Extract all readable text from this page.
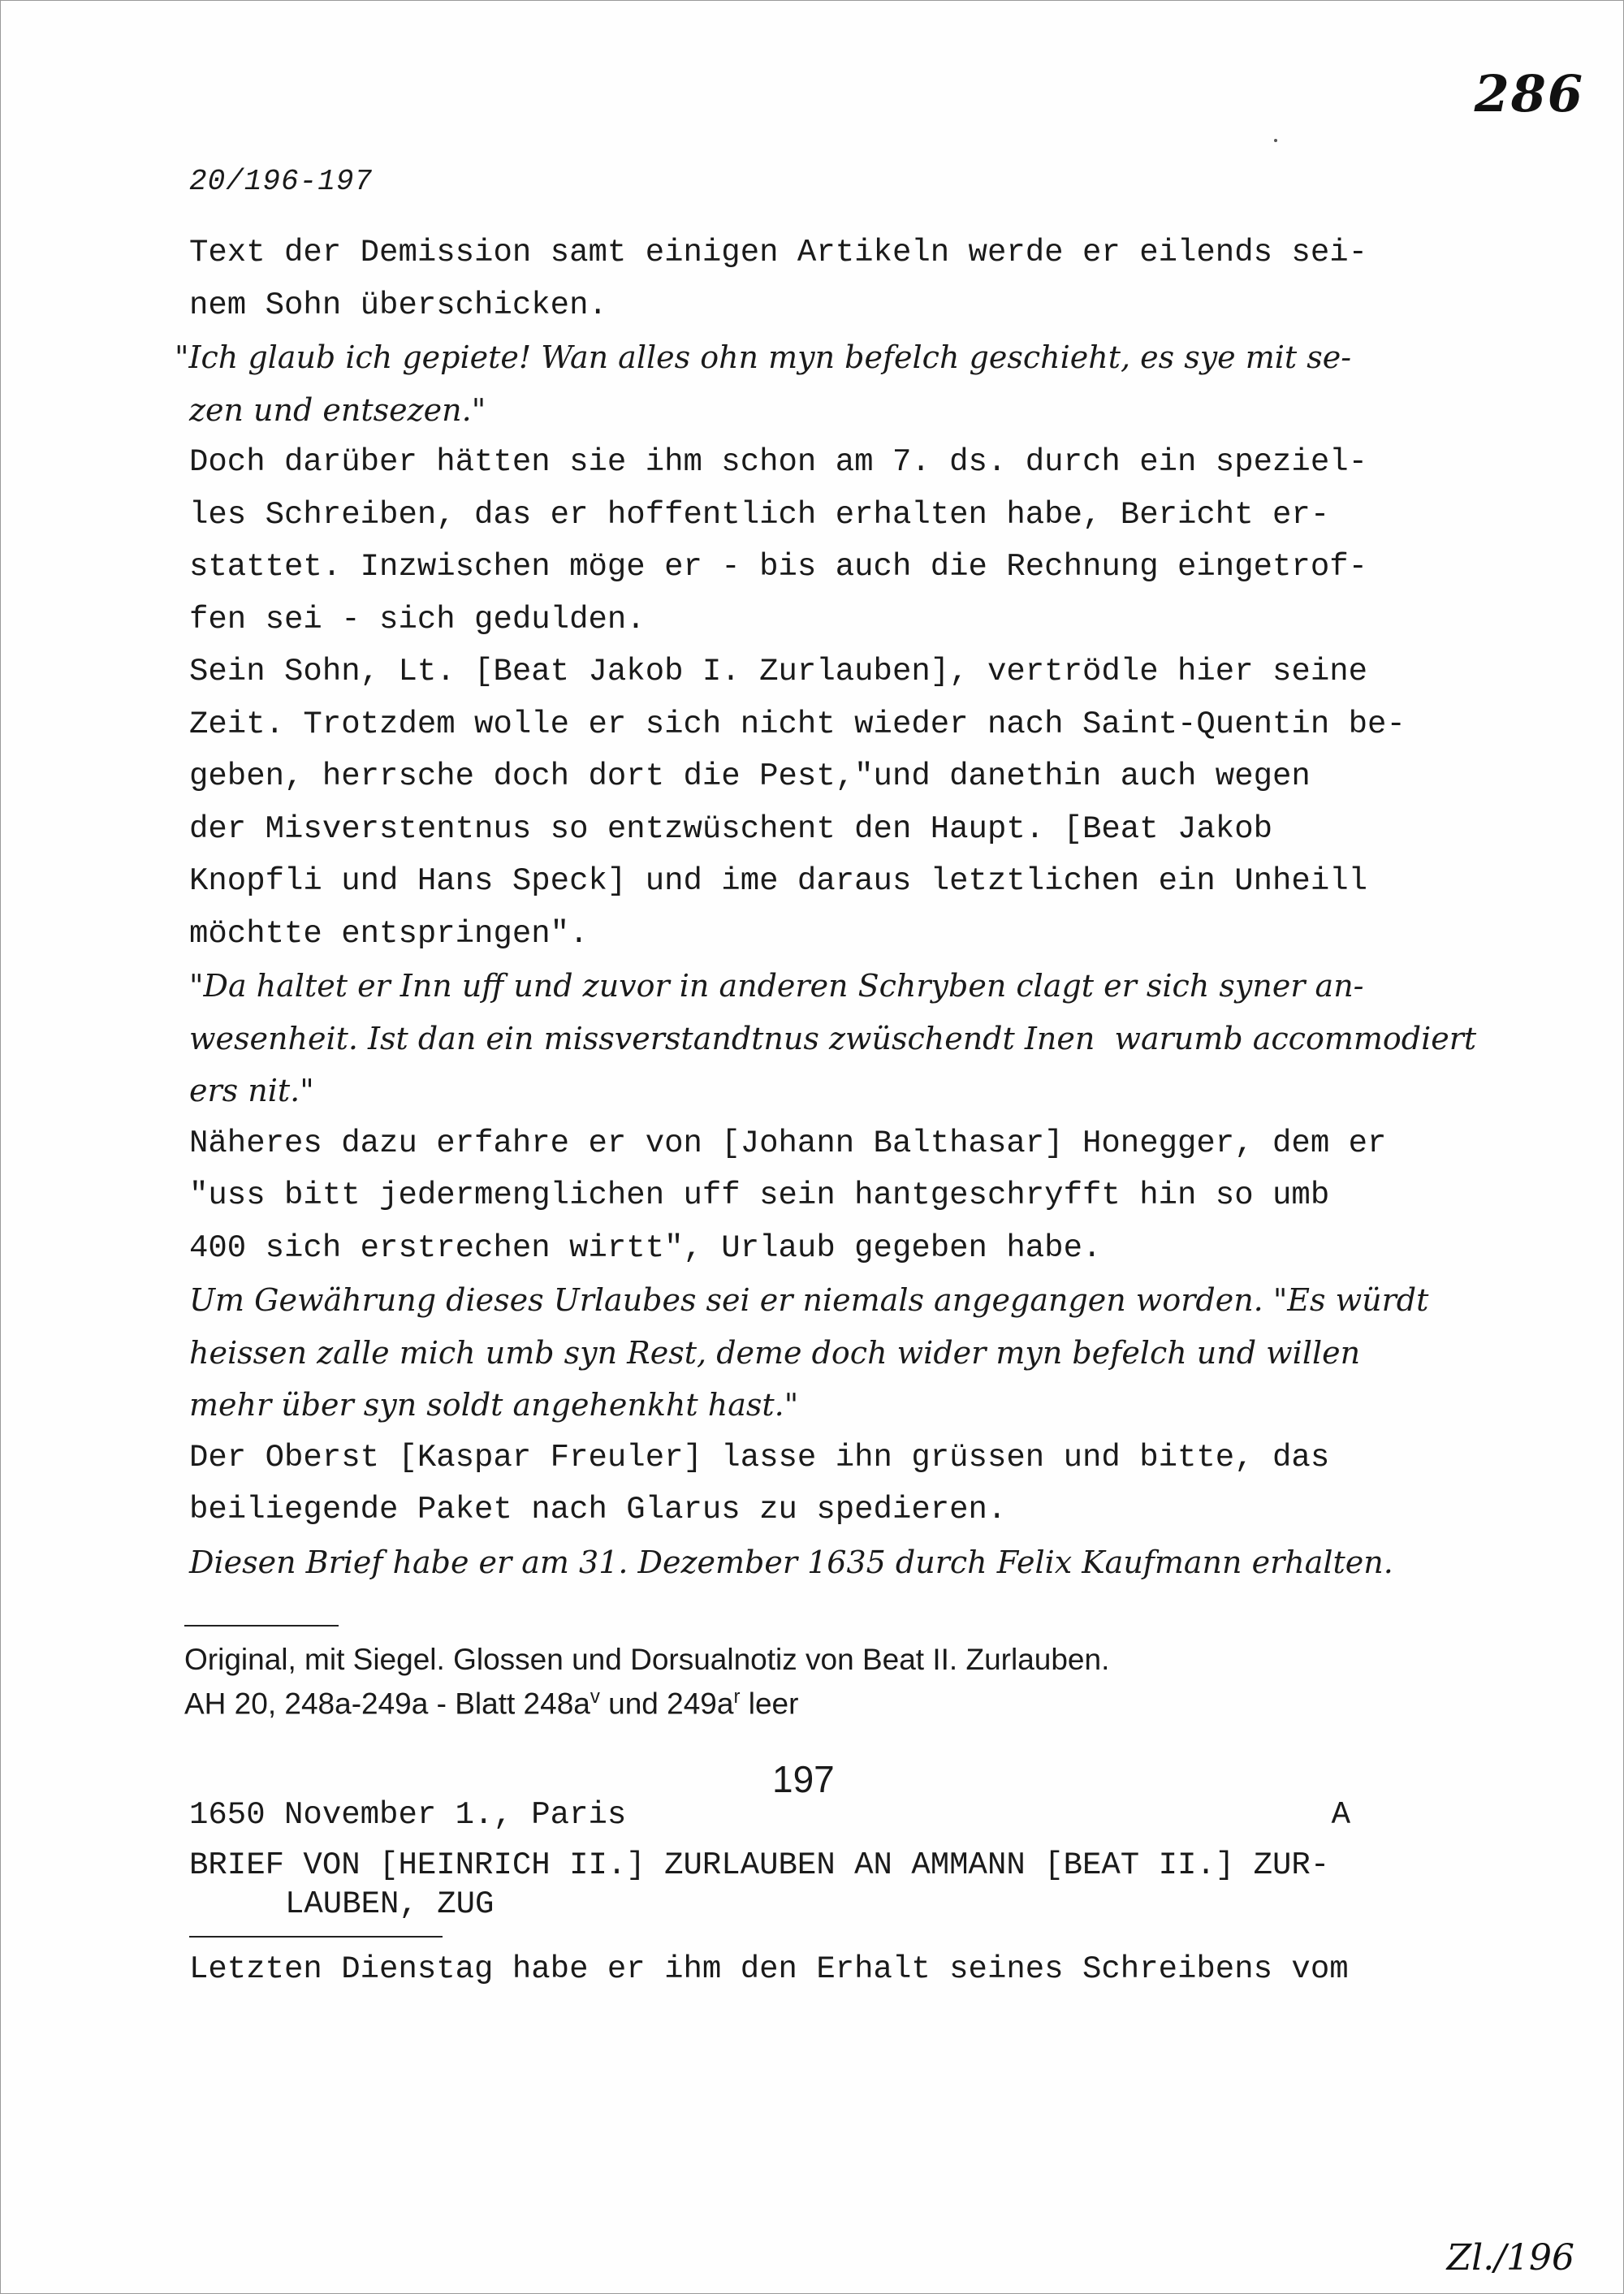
286
20/196-197
Text der Demission samt einigen Artikeln werde er eilends sei-
nem Sohn überschicken.
"Ich glaub ich gepiete! Wan alles ohn myn befelch geschieht, es sye mit se-
zen und entsezen."
Doch darüber hätten sie ihm schon am 7. ds. durch ein speziel-
les Schreiben, das er hoffentlich erhalten habe, Bericht er-
stattet. Inzwischen möge er - bis auch die Rechnung eingetrof-
fen sei - sich gedulden.
Sein Sohn, Lt. [Beat Jakob I. Zurlauben], vertrödle hier seine
Zeit. Trotzdem wolle er sich nicht wieder nach Saint-Quentin be-
geben, herrsche doch dort die Pest,"und danethin auch wegen
der Misverstentnus so entzwüschent den Haupt. [Beat Jakob
Knopfli und Hans Speck] und ime daraus letztlichen ein Unheill
möchtte entspringen".
"Da haltet er Inn uff und zuvor in anderen Schryben clagt er sich syner an-
wesenheit. Ist dan ein missverstandtnus zwüschendt Inen  warumb accommodiert
ers nit."
Näheres dazu erfahre er von [Johann Balthasar] Honegger, dem er
"uss bitt jedermenglichen uff sein hantgeschryfft hin so umb
400 sich erstrechen wirtt", Urlaub gegeben habe.
Um Gewährung dieses Urlaubes sei er niemals angegangen worden. "Es würdt
heissen zalle mich umb syn Rest, deme doch wider myn befelch und willen
mehr über syn soldt angehenkht hast."
Der Oberst [Kaspar Freuler] lasse ihn grüssen und bitte, das
beiliegende Paket nach Glarus zu spedieren.
Diesen Brief habe er am 31. Dezember 1635 durch Felix Kaufmann erhalten.
Original, mit Siegel. Glossen und Dorsualnotiz von Beat II. Zurlauben.
AH 20, 248a-249a - Blatt $248a^v$ und $249a^r$ leer
197
1650 November 1., Paris	A
BRIEF VON [HEINRICH II.] ZURLAUBEN AN AMMANN [BEAT II.] ZUR-
LAUBEN, ZUG
Letzten Dienstag habe er ihm den Erhalt seines Schreibens vom
Zl./196
